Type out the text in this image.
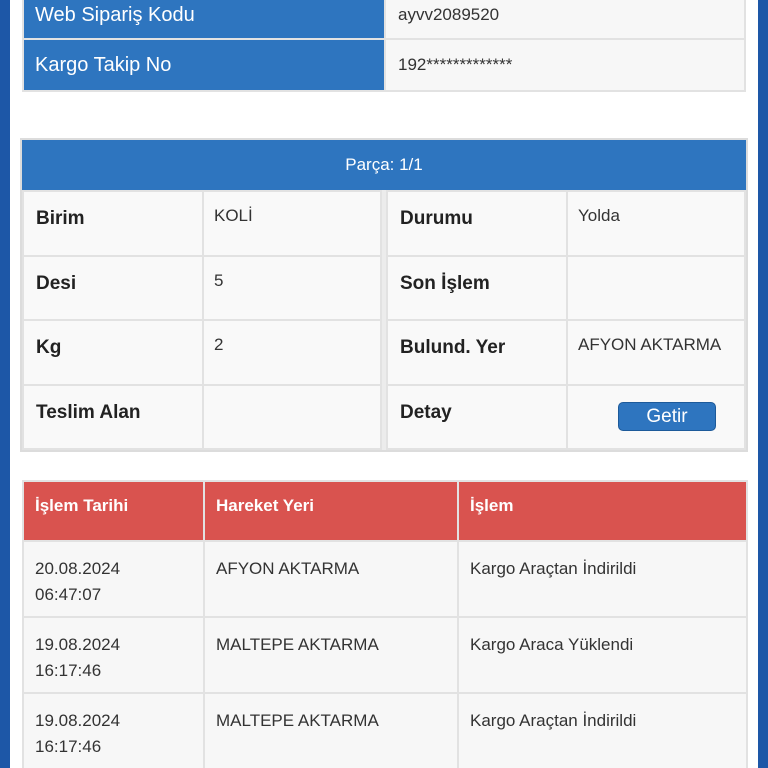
Web Sipariş Kodu	ayvv2089520
Kargo Takip No	192*************
Parça: 1/1
Birim	KOLİ
Desi	5
Kg	2
Teslim Alan	
Durumu	Yolda
Son İşlem	
Bulund. Yer	AFYON AKTARMA
Detay	Getir
İşlem Tarihi	Hareket Yeri	İşlem

20.08.2024
06:47:07	AFYON AKTARMA	Kargo Araçtan İndirildi

19.08.2024
16:17:46	MALTEPE AKTARMA	Kargo Araca Yüklendi

19.08.2024
16:17:46	MALTEPE AKTARMA	Kargo Araçtan İndirildi
